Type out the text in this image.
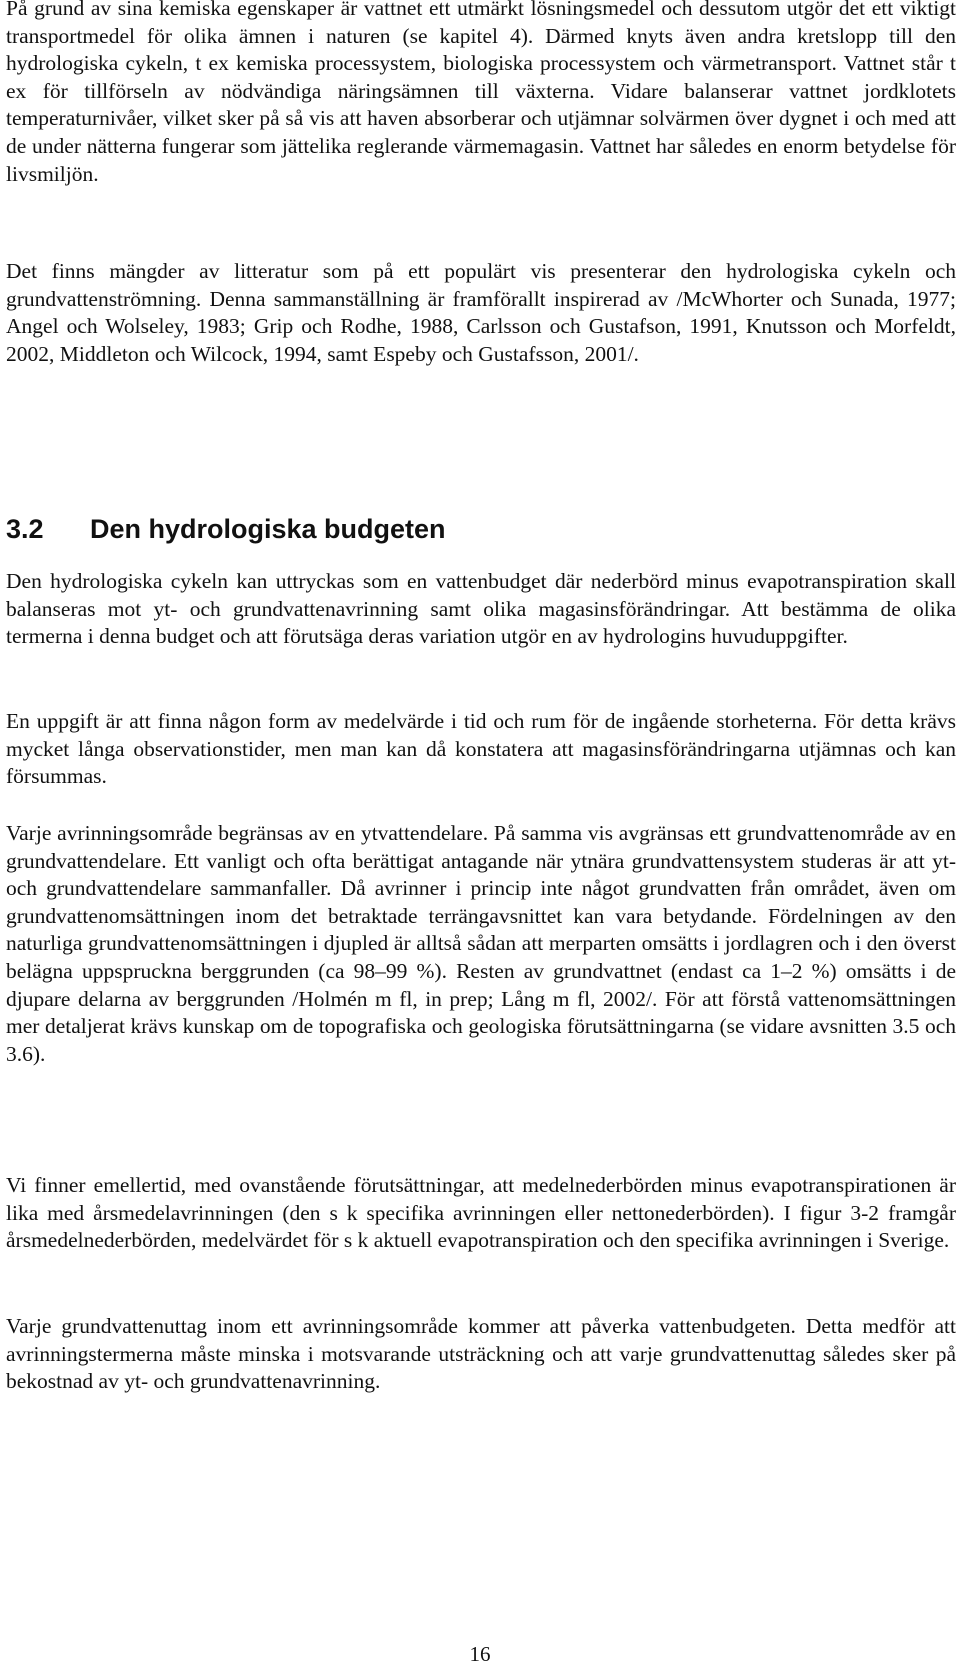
På grund av sina kemiska egenskaper är vattnet ett utmärkt lösningsmedel och dessutom utgör det ett viktigt transportmedel för olika ämnen i naturen (se kapitel 4). Därmed knyts även andra kretslopp till den hydrologiska cykeln, t ex kemiska processystem, biologiska processystem och värmetransport. Vattnet står t ex för tillförseln av nödvändiga näringsämnen till växterna. Vidare balanserar vattnet jordklotets temperaturnivåer, vilket sker på så vis att haven absorberar och utjämnar solvärmen över dygnet i och med att de under nätterna fungerar som jättelika reglerande värmemagasin. Vattnet har således en enorm betydelse för livsmiljön.

Det finns mängder av litteratur som på ett populärt vis presenterar den hydrologiska cykeln och grundvattenströmning. Denna sammanställning är framförallt inspirerad av /McWhorter och Sunada, 1977; Angel och Wolseley, 1983; Grip och Rodhe, 1988, Carlsson och Gustafson, 1991, Knutsson och Morfeldt, 2002, Middleton och Wilcock, 1994, samt Espeby och Gustafsson, 2001/.

3.2 Den hydrologiska budgeten

Den hydrologiska cykeln kan uttryckas som en vattenbudget där nederbörd minus evapotranspiration skall balanseras mot yt- och grundvattenavrinning samt olika magasinsförändringar. Att bestämma de olika termerna i denna budget och att förutsäga deras variation utgör en av hydrologins huvuduppgifter.

En uppgift är att finna någon form av medelvärde i tid och rum för de ingående storheterna. För detta krävs mycket långa observationstider, men man kan då konstatera att magasinsförändringarna utjämnas och kan försummas.

Varje avrinningsområde begränsas av en ytvattendelare. På samma vis avgränsas ett grundvattenområde av en grundvattendelare. Ett vanligt och ofta berättigat antagande när ytnära grundvattensystem studeras är att yt- och grundvattendelare sammanfaller. Då avrinner i princip inte något grundvatten från området, även om grundvattenomsättningen inom det betraktade terrängavsnittet kan vara betydande. Fördelningen av den naturliga grundvattenomsättningen i djupled är alltså sådan att merparten omsätts i jordlagren och i den överst belägna uppspruckna berggrunden (ca 98–99 %). Resten av grundvattnet (endast ca 1–2 %) omsätts i de djupare delarna av berggrunden /Holmén m fl, in prep; Lång m fl, 2002/. För att förstå vattenomsättningen mer detaljerat krävs kunskap om de topografiska och geologiska förutsättningarna (se vidare avsnitten 3.5 och 3.6).

Vi finner emellertid, med ovanstående förutsättningar, att medelnederbörden minus evapotranspirationen är lika med årsmedelavrinningen (den s k specifika avrinningen eller nettonederbörden). I figur 3-2 framgår årsmedelnederbörden, medelvärdet för s k aktuell evapotranspiration och den specifika avrinningen i Sverige.

Varje grundvattenuttag inom ett avrinningsområde kommer att påverka vattenbudgeten. Detta medför att avrinningstermerna måste minska i motsvarande utsträckning och att varje grundvattenuttag således sker på bekostnad av yt- och grundvattenavrinning.

16
